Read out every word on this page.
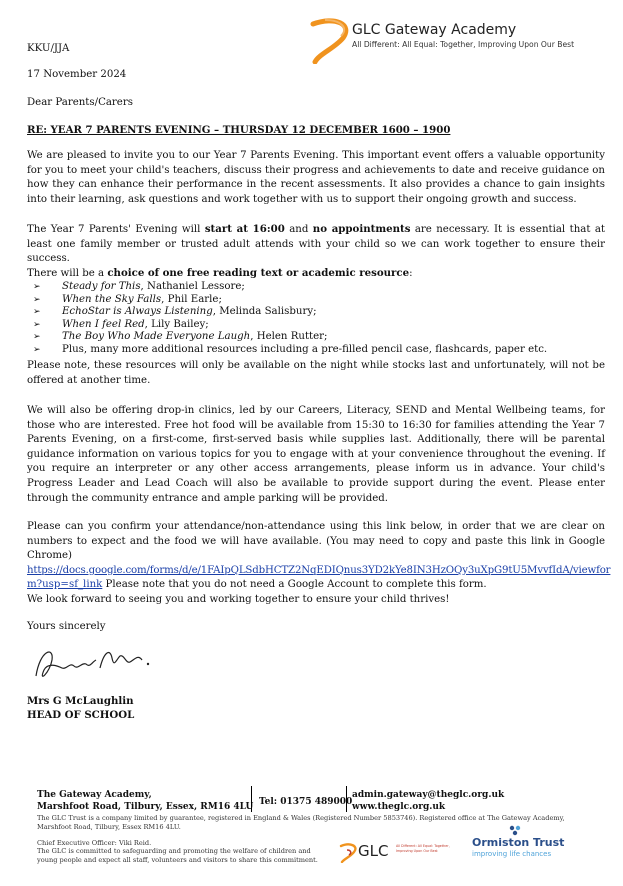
GLC Gateway Academy
All Different: All Equal: Together, Improving Upon Our Best
KKU/JJA
17 November 2024
Dear Parents/Carers
RE: YEAR 7 PARENTS EVENING – THURSDAY 12 DECEMBER 1600 – 1900
We are pleased to invite you to our Year 7 Parents Evening. This important event offers a valuable opportunity for you to meet your child's teachers, discuss their progress and achievements to date and receive guidance on how they can enhance their performance in the recent assessments. It also provides a chance to gain insights into their learning, ask questions and work together with us to support their ongoing growth and success.
The Year 7 Parents' Evening will start at 16:00 and no appointments are necessary. It is essential that at least one family member or trusted adult attends with your child so we can work together to ensure their success.
There will be a choice of one free reading text or academic resource:
➢ Steady for This, Nathaniel Lessore;
➢ When the Sky Falls, Phil Earle;
➢ EchoStar is Always Listening, Melinda Salisbury;
➢ When I feel Red, Lily Bailey;
➢ The Boy Who Made Everyone Laugh, Helen Rutter;
➢ Plus, many more additional resources including a pre-filled pencil case, flashcards, paper etc.
Please note, these resources will only be available on the night while stocks last and unfortunately, will not be offered at another time.
We will also be offering drop-in clinics, led by our Careers, Literacy, SEND and Mental Wellbeing teams, for those who are interested. Free hot food will be available from 15:30 to 16:30 for families attending the Year 7 Parents Evening, on a first-come, first-served basis while supplies last. Additionally, there will be parental guidance information on various topics for you to engage with at your convenience throughout the evening. If you require an interpreter or any other access arrangements, please inform us in advance. Your child's Progress Leader and Lead Coach will also be available to provide support during the event. Please enter through the community entrance and ample parking will be provided.
Please can you confirm your attendance/non-attendance using this link below, in order that we are clear on numbers to expect and the food we will have available. (You may need to copy and paste this link in Google Chrome)
https://docs.google.com/forms/d/e/1FAIpQLSdbHCTZ2NqEDIQnus3YD2kYe8IN3HzOQy3uXpG9tU5MvvfIdA/viewfor
m?usp=sf_link Please note that you do not need a Google Account to complete this form.
We look forward to seeing you and working together to ensure your child thrives!
Yours sincerely
Mrs G McLaughlin
HEAD OF SCHOOL
The Gateway Academy,
Marshfoot Road, Tilbury, Essex, RM16 4LU Tel: 01375 489000
admin.gateway@theglc.org.uk
www.theglc.org.uk
The GLC Trust is a company limited by guarantee, registered in England & Wales (Registered Number 5853746). Registered office at The Gateway Academy, Marshfoot Road, Tilbury, Essex RM16 4LU.
Chief Executive Officer: Viki Reid.
The GLC is committed to safeguarding and promoting the welfare of children and young people and expect all staff, volunteers and visitors to share this commitment.	GLC All Different: All Equal: Together, Improving Upon Our Best
Ormiston Trust
improving life chances
